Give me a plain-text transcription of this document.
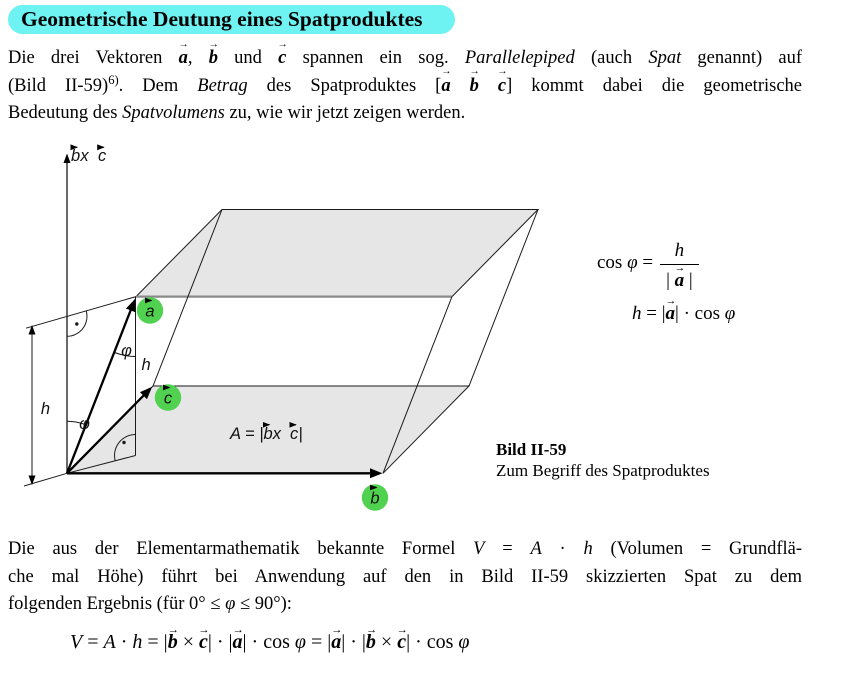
Geometrische Deutung eines Spatproduktes
Die drei Vektoren a →, b → und c → spannen ein sog. Parallelepiped (auch Spat genannt) auf
(Bild II-59)$^{6)}$. Dem Betrag des Spatproduktes [a → b → c →] kommt dabei die geometrische
Bedeutung des Spatvolumens zu, wie wir jetzt zeigen werden.
a
c
b
b x c
φ
φ
h
h
A = | b x c |
$\cos \varphi = \frac{h}{| a \to |}$
h = |a →| · cos φ
Bild II-59
Zum Begriff des Spatproduktes
Die aus der Elementarmathematik bekannte Formel V = A · h (Volumen = Grundflä-
che mal Höhe) führt bei Anwendung auf den in Bild II-59 skizzierten Spat zu dem
folgenden Ergebnis (für 0° ≤ φ ≤ 90°):
V = A · h = |b → × c →| · |a →| · cos φ = |a →| · |b → × c →| · cos φ
